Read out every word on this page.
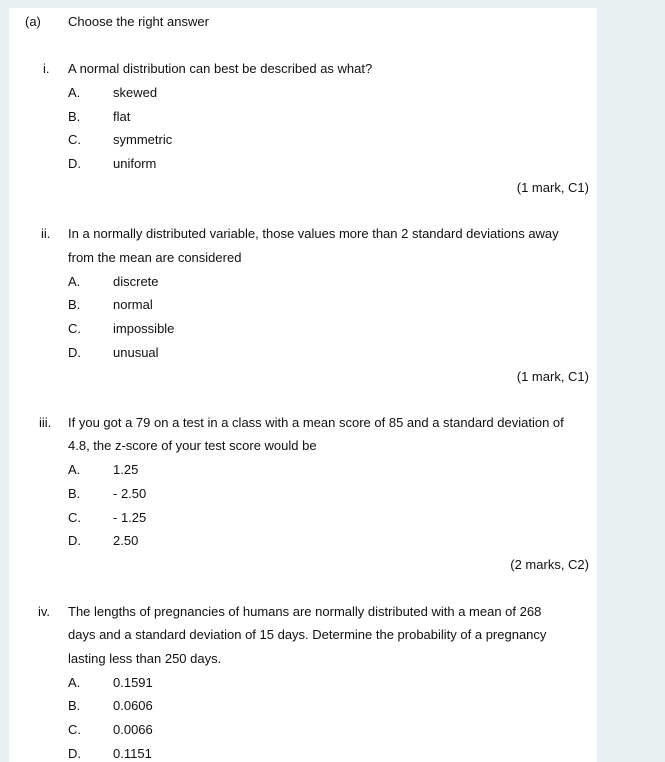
(a) Choose the right answer
i. A normal distribution can best be described as what?
A.	skewed
B.	flat
C. symmetric
D. uniform
(1 mark, C1)
ii. In a normally distributed variable, those values more than 2 standard deviations away
from the mean are considered
A.	discrete
B.	normal
C. impossible
D. unusual
(1 mark, C1)
iii. If you got a 79 on a test in a class with a mean score of 85 and a standard deviation of
4.8, the z-score of your test score would be
A.	1.25
B.	- 2.50
C. - 1.25
D. 2.50
(2 marks, C2)
iv. The lengths of pregnancies of humans are normally distributed with a mean of 268
days and a standard deviation of 15 days. Determine the probability of a pregnancy
lasting less than 250 days.
A.	0.1591
B.	0.0606
C. 0.0066
D. 0.1151
